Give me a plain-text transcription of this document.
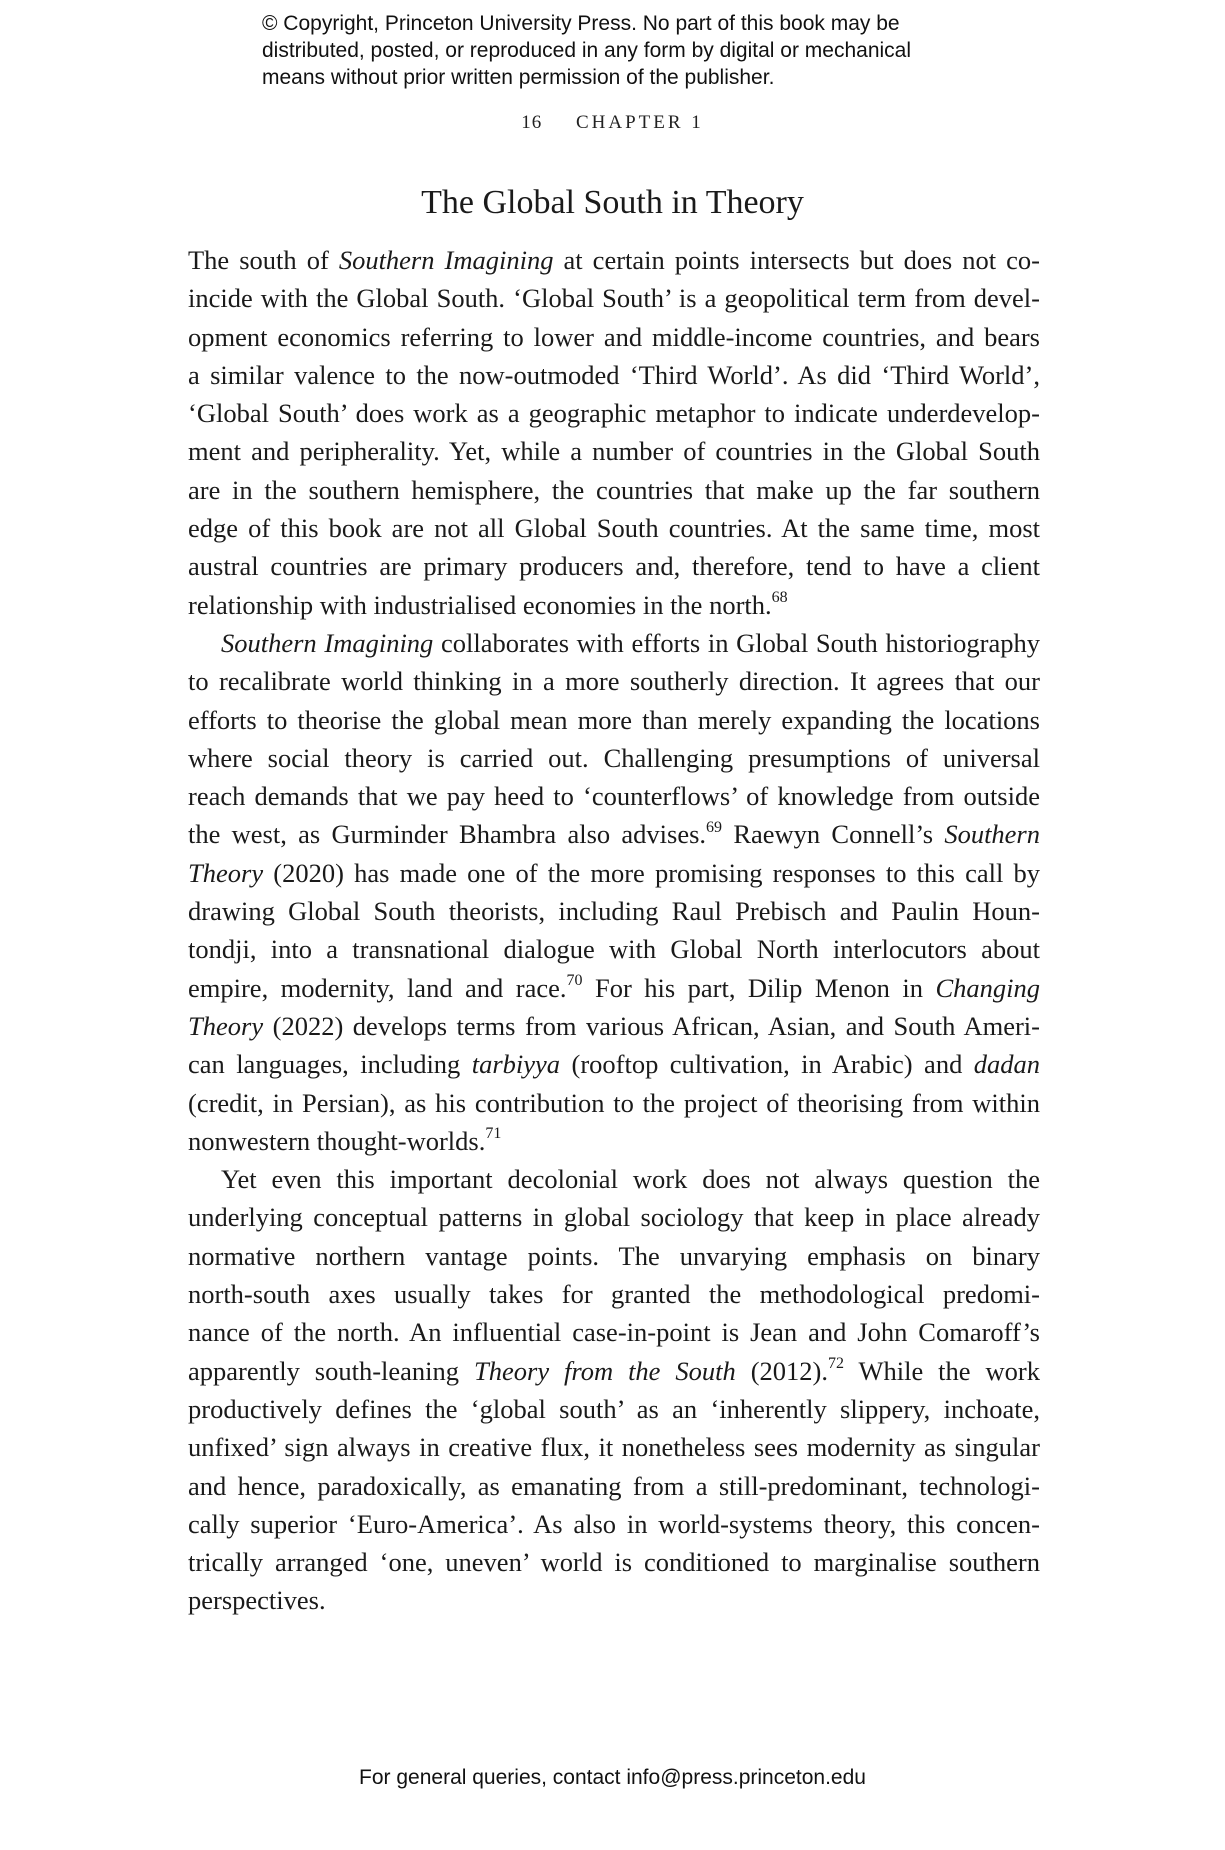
© Copyright, Princeton University Press. No part of this book may be
distributed, posted, or reproduced in any form by digital or mechanical
means without prior written permission of the publisher.
16 CHAPTER 1
The Global South in Theory
The south of Southern Imagining at certain points intersects but does not co-
incide with the Global South. ‘Global South’ is a geopolitical term from devel-
opment economics referring to lower and middle-income countries, and bears
a similar valence to the now-outmoded ‘Third World’. As did ‘Third World’,
‘Global South’ does work as a geographic metaphor to indicate underdevelop-
ment and peripherality. Yet, while a number of countries in the Global South
are in the southern hemisphere, the countries that make up the far southern
edge of this book are not all Global South countries. At the same time, most
austral countries are primary producers and, therefore, tend to have a client
relationship with industrialised economies in the north.$^{68}$
Southern Imagining collaborates with efforts in Global South historiography
to recalibrate world thinking in a more southerly direction. It agrees that our
efforts to theorise the global mean more than merely expanding the locations
where social theory is carried out. Challenging presumptions of universal
reach demands that we pay heed to ‘counterflows’ of knowledge from outside
the west, as Gurminder Bhambra also advises.$^{69}$ Raewyn Connell’s Southern
Theory (2020) has made one of the more promising responses to this call by
drawing Global South theorists, including Raul Prebisch and Paulin Houn-
tondji, into a transnational dialogue with Global North interlocutors about
empire, modernity, land and race.$^{70}$ For his part, Dilip Menon in Changing
Theory (2022) develops terms from various African, Asian, and South Ameri-
can languages, including tarbiyya (rooftop cultivation, in Arabic) and dadan
(credit, in Persian), as his contribution to the project of theorising from within
nonwestern thought-worlds.$^{71}$
Yet even this important decolonial work does not always question the
underlying conceptual patterns in global sociology that keep in place already
normative northern vantage points. The unvarying emphasis on binary
north-south axes usually takes for granted the methodological predomi-
nance of the north. An influential case-in-point is Jean and John Comaroff’s
apparently south-leaning Theory from the South (2012).$^{72}$ While the work
productively defines the ‘global south’ as an ‘inherently slippery, inchoate,
unfixed’ sign always in creative flux, it nonetheless sees modernity as singular
and hence, paradoxically, as emanating from a still-predominant, technologi-
cally superior ‘Euro-America’. As also in world-systems theory, this concen-
trically arranged ‘one, uneven’ world is conditioned to marginalise southern
perspectives.
For general queries, contact info@press.princeton.edu
